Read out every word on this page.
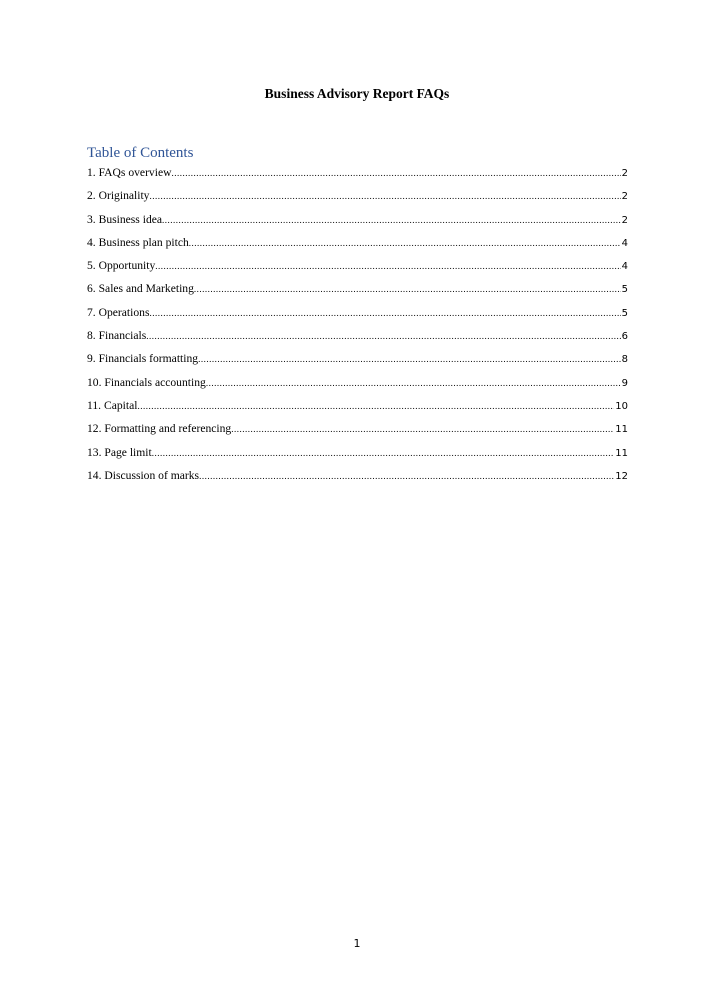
Business Advisory Report FAQs
Table of Contents
1. FAQs overview .....	2
2. Originality .....	2
3. Business idea .....	2
4. Business plan pitch .....	4
5. Opportunity .....	4
6. Sales and Marketing .....	5
7. Operations .....	5
8. Financials .....	6
9. Financials formatting .....	8
10. Financials accounting .....	9
11. Capital .....	10
12. Formatting and referencing .....	11
13. Page limit .....	11
14. Discussion of marks .....	12
1
